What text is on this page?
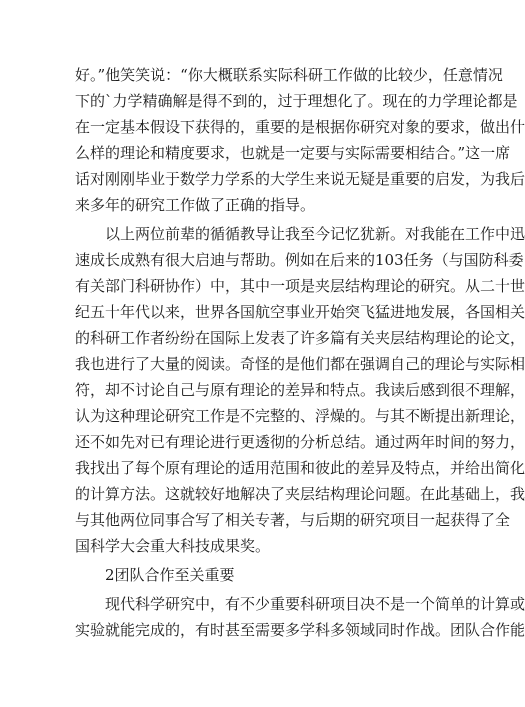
好。”他笑笑说：“你大概联系实际科研工作做的比较少，任意情况
下的`力学精确解是得不到的，过于理想化了。现在的力学理论都是
在一定基本假设下获得的，重要的是根据你研究对象的要求，做出什
么样的理论和精度要求，也就是一定要与实际需要相结合。”这一席
话对刚刚毕业于数学力学系的大学生来说无疑是重要的启发，为我后
来多年的研究工作做了正确的指导。
以上两位前辈的循循教导让我至今记忆犹新。对我能在工作中迅
速成长成熟有很大启迪与帮助。例如在后来的103任务（与国防科委
有关部门科研协作）中，其中一项是夹层结构理论的研究。从二十世
纪五十年代以来，世界各国航空事业开始突飞猛进地发展，各国相关
的科研工作者纷纷在国际上发表了许多篇有关夹层结构理论的论文，
我也进行了大量的阅读。奇怪的是他们都在强调自己的理论与实际相
符，却不讨论自己与原有理论的差异和特点。我读后感到很不理解，
认为这种理论研究工作是不完整的、浮燥的。与其不断提出新理论，
还不如先对已有理论进行更透彻的分析总结。通过两年时间的努力，
我找出了每个原有理论的适用范围和彼此的差异及特点，并给出简化
的计算方法。这就较好地解决了夹层结构理论问题。在此基础上，我
与其他两位同事合写了相关专著，与后期的研究项目一起获得了全
国科学大会重大科技成果奖。
2团队合作至关重要
现代科学研究中，有不少重要科研项目决不是一个简单的计算或
实验就能完成的，有时甚至需要多学科多领域同时作战。团队合作能
